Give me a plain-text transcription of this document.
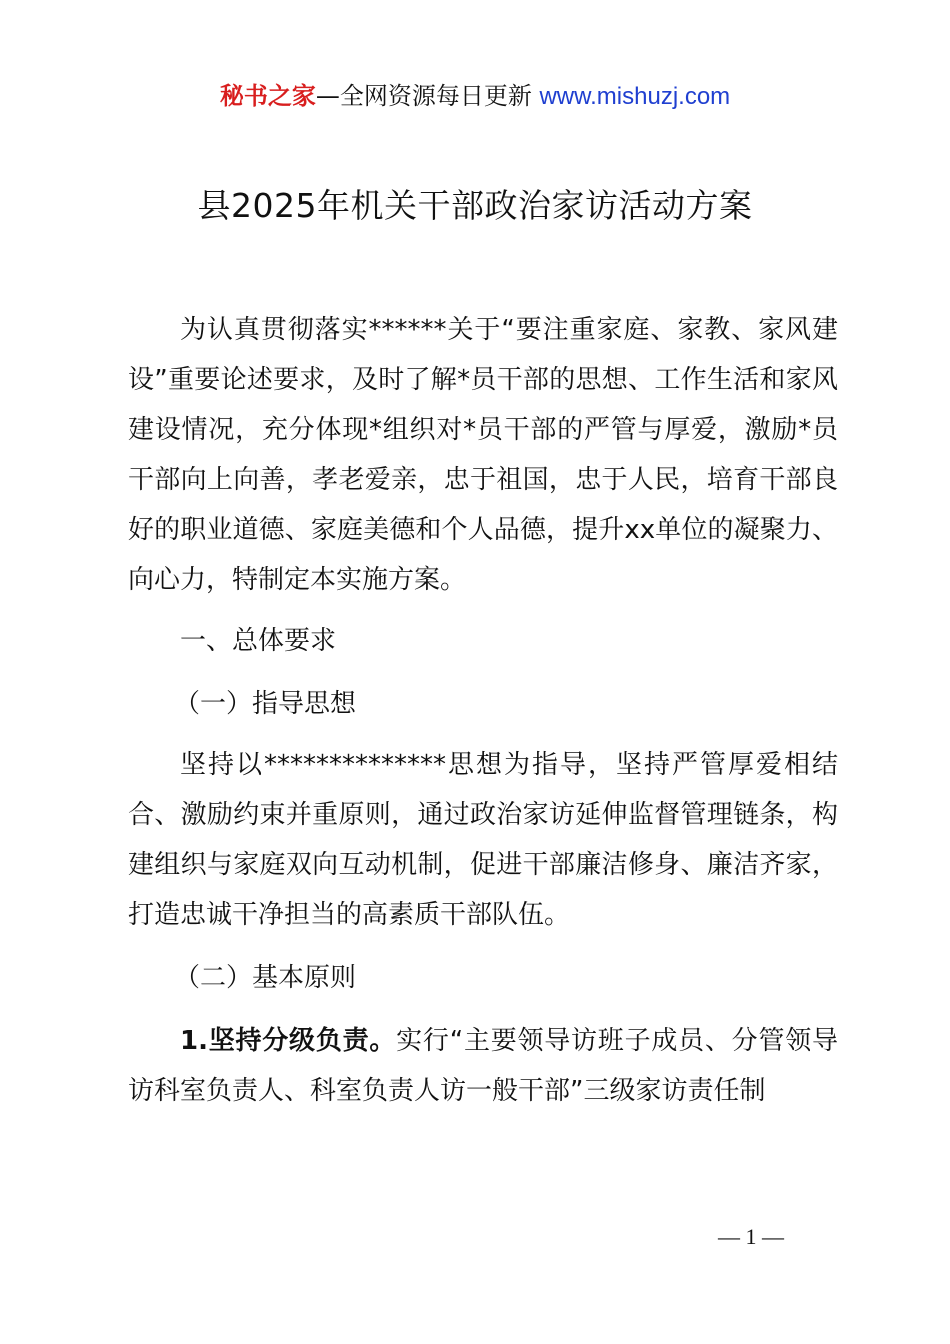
秘书之家—全网资源每日更新 www.mishuzj.com
县2025年机关干部政治家访活动方案

为认真贯彻落实******关于“要注重家庭、家教、家风建设”重要论述要求，及时了解*员干部的思想、工作生活和家风建设情况，充分体现*组织对*员干部的严管与厚爱，激励*员干部向上向善，孝老爱亲，忠于祖国，忠于人民，培育干部良好的职业道德、家庭美德和个人品德，提升xx单位的凝聚力、向心力，特制定本实施方案。

一、总体要求
（一）指导思想

坚持以**************思想为指导，坚持严管厚爱相结合、激励约束并重原则，通过政治家访延伸监督管理链条，构建组织与家庭双向互动机制，促进干部廉洁修身、廉洁齐家，打造忠诚干净担当的高素质干部队伍。

（二）基本原则

1.坚持分级负责。实行“主要领导访班子成员、分管领导访科室负责人、科室负责人访一般干部”三级家访责任制

— 1 —
